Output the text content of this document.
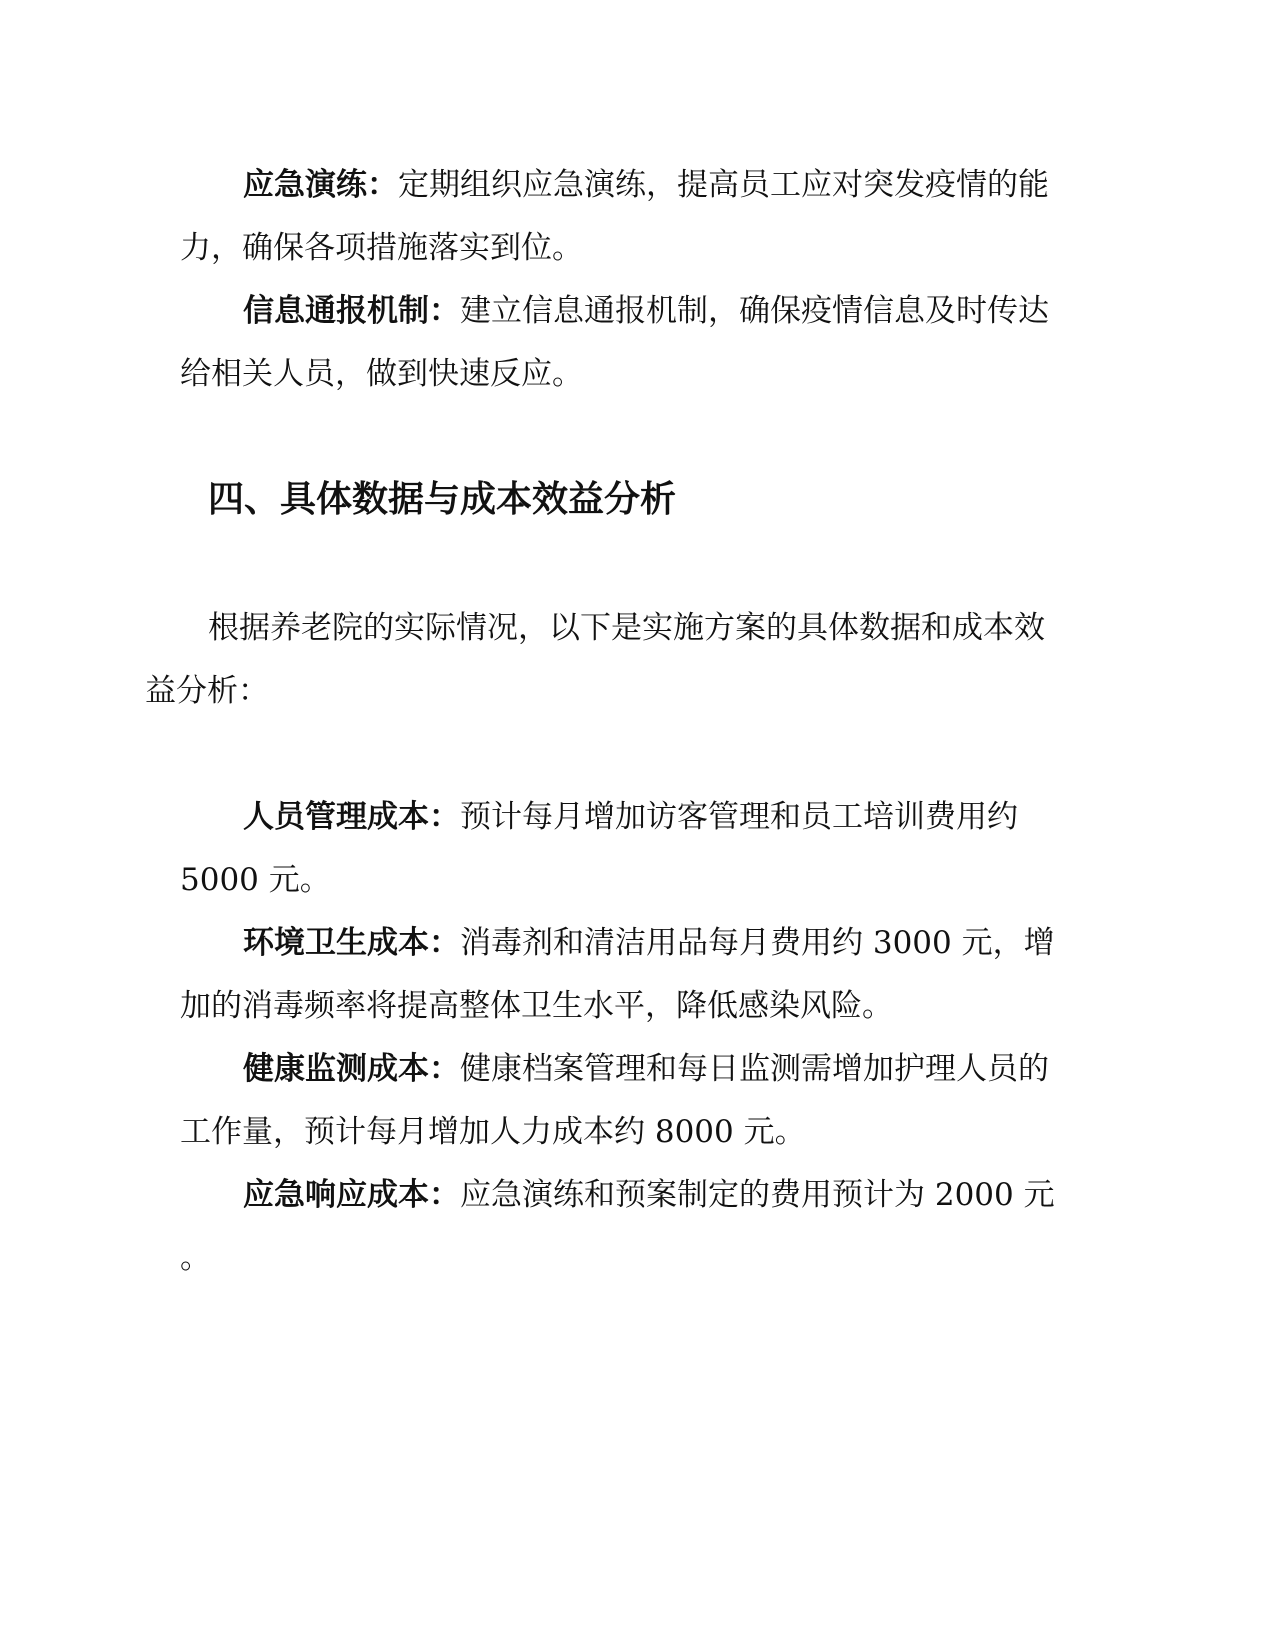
应急演练：定期组织应急演练，提高员工应对突发疫情的能
力，确保各项措施落实到位。
信息通报机制：建立信息通报机制，确保疫情信息及时传达
给相关人员，做到快速反应。
四、具体数据与成本效益分析
根据养老院的实际情况，以下是实施方案的具体数据和成本效
益分析：
人员管理成本：预计每月增加访客管理和员工培训费用约
5000 元。
环境卫生成本：消毒剂和清洁用品每月费用约 3000 元，增
加的消毒频率将提高整体卫生水平，降低感染风险。
健康监测成本：健康档案管理和每日监测需增加护理人员的
工作量，预计每月增加人力成本约 8000 元。
应急响应成本：应急演练和预案制定的费用预计为 2000 元
。
